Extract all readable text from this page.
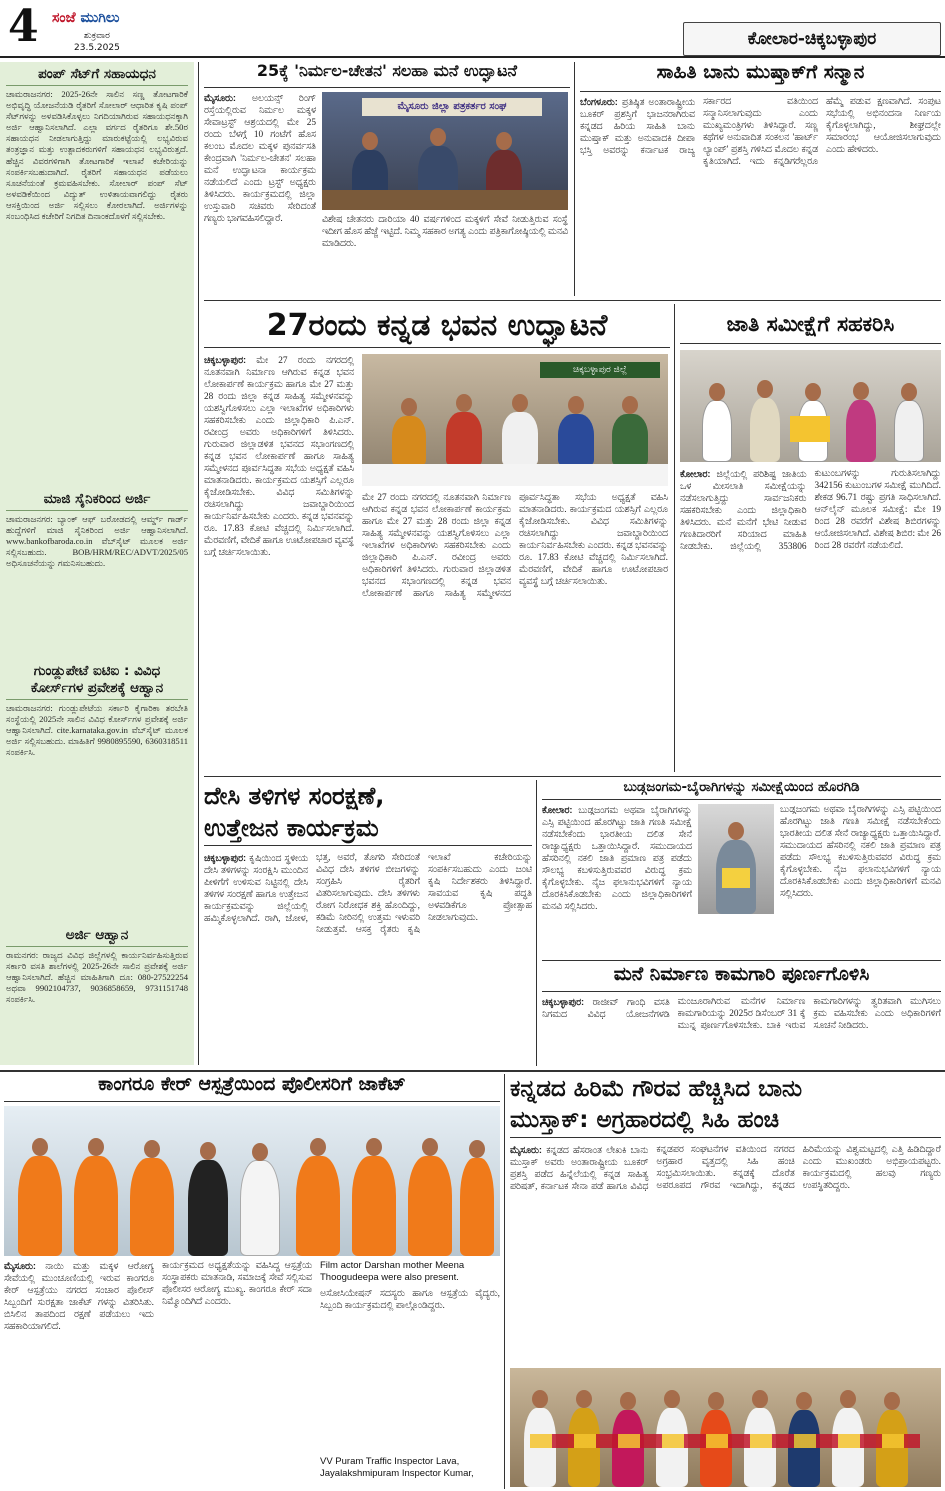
4 ಸಂಜೆ ಮುಗಿಲು
ಶುಕ್ರವಾರ
23.5.2025	ಕೋಲಾರ-ಚಿಕ್ಕಬಳ್ಳಾಪುರ
ಪಂಪ್ ಸೆಟ್‌ಗೆ ಸಹಾಯಧನ
ಚಾಮರಾಜನಗರ: 2025-26ನೇ ಸಾಲಿನ ಸಣ್ಣ ತೋಟಗಾರಿಕೆ ಅಭಿವೃದ್ಧಿ ಯೋಜನೆಯಡಿ ರೈತರಿಗೆ ಸೋಲಾರ್ ಆಧಾರಿತ ಕೃಷಿ ಪಂಪ್ ಸೆಟ್‌ಗಳನ್ನು ಅಳವಡಿಸಿಕೊಳ್ಳಲು ನಿಗದಿಯಾಗಿರುವ ಸಹಾಯಧನಕ್ಕಾಗಿ ಅರ್ಜಿ ಆಹ್ವಾನಿಸಲಾಗಿದೆ. ಎಲ್ಲಾ ವರ್ಗದ ರೈತರಿಗೂ ಶೇ.50ರ ಸಹಾಯಧನ ನೀಡಲಾಗುತ್ತಿದ್ದು ಮಾರುಕಟ್ಟೆಯಲ್ಲಿ ಲಭ್ಯವಿರುವ ತಂತ್ರಜ್ಞಾನ ಮತ್ತು ಉತ್ಪಾದಕರುಗಳಿಗೆ ಸಹಾಯಧನ ಲಭ್ಯವಿರುತ್ತದೆ. ಹೆಚ್ಚಿನ ವಿವರಗಳಿಗಾಗಿ ತೋಟಗಾರಿಕೆ ಇಲಾಖೆ ಕಚೇರಿಯನ್ನು ಸಂಪರ್ಕಿಸಬಹುದಾಗಿದೆ. ರೈತರಿಗೆ ಸಹಾಯಧನ ಪಡೆಯಲು ಸೂಚನೆಯಂತೆ ಕ್ರಮವಹಿಸಬೇಕು. ಸೋಲಾರ್ ಪಂಪ್ ಸೆಟ್ ಅಳವಡಿಕೆಯಿಂದ ವಿದ್ಯುತ್ ಉಳಿತಾಯವಾಗಲಿದ್ದು ರೈತರು ಆಸಕ್ತಿಯಿಂದ ಅರ್ಜಿ ಸಲ್ಲಿಸಲು ಕೋರಲಾಗಿದೆ. ಅರ್ಜಿಗಳನ್ನು ಸಂಬಂಧಿಸಿದ ಕಚೇರಿಗೆ ನಿಗದಿತ ದಿನಾಂಕದೊಳಗೆ ಸಲ್ಲಿಸಬೇಕು.
ಮಾಜಿ ಸೈನಿಕರಿಂದ ಅರ್ಜಿ
ಚಾಮರಾಜನಗರ: ಬ್ಯಾಂಕ್ ಆಫ್ ಬರೋಡದಲ್ಲಿ ಆರ್ಮ್ಡ್ ಗಾರ್ಡ್ ಹುದ್ದೆಗಳಿಗೆ ಮಾಜಿ ಸೈನಿಕರಿಂದ ಅರ್ಜಿ ಆಹ್ವಾನಿಸಲಾಗಿದೆ. www.bankofbaroda.co.in ವೆಬ್‌ಸೈಟ್ ಮೂಲಕ ಅರ್ಜಿ ಸಲ್ಲಿಸಬಹುದು. BOB/HRM/REC/ADVT/2025/05 ಅಧಿಸೂಚನೆಯನ್ನು ಗಮನಿಸಬಹುದು.
ಗುಂಡ್ಲುಪೇಟೆ ಐಟಿಐ : ವಿವಿಧ ಕೋರ್ಸ್‌ಗಳ ಪ್ರವೇಶಕ್ಕೆ ಆಹ್ವಾನ
ಚಾಮರಾಜನಗರ: ಗುಂಡ್ಲುಪೇಟೆಯ ಸರ್ಕಾರಿ ಕೈಗಾರಿಕಾ ತರಬೇತಿ ಸಂಸ್ಥೆಯಲ್ಲಿ 2025ನೇ ಸಾಲಿನ ವಿವಿಧ ಕೋರ್ಸ್‌ಗಳ ಪ್ರವೇಶಕ್ಕೆ ಅರ್ಜಿ ಆಹ್ವಾನಿಸಲಾಗಿದೆ. cite.karnataka.gov.in ವೆಬ್‌ಸೈಟ್ ಮೂಲಕ ಅರ್ಜಿ ಸಲ್ಲಿಸಬಹುದು. ಮಾಹಿತಿಗೆ 9980895590, 6360318511 ಸಂಪರ್ಕಿಸಿ.
ಅರ್ಜಿ ಆಹ್ವಾನ
ರಾಮನಗರ: ರಾಜ್ಯದ ವಿವಿಧ ಜಿಲ್ಲೆಗಳಲ್ಲಿ ಕಾರ್ಯನಿರ್ವಹಿಸುತ್ತಿರುವ ಸರ್ಕಾರಿ ವಸತಿ ಶಾಲೆಗಳಲ್ಲಿ 2025-26ನೇ ಸಾಲಿನ ಪ್ರವೇಶಕ್ಕೆ ಅರ್ಜಿ ಆಹ್ವಾನಿಸಲಾಗಿದೆ. ಹೆಚ್ಚಿನ ಮಾಹಿತಿಗಾಗಿ ದೂ: 080-27522254 ಅಥವಾ 9902104737, 9036858659, 9731151748 ಸಂಪರ್ಕಿಸಿ.
25ಕ್ಕೆ 'ನಿರ್ಮಲ-ಚೇತನ' ಸಲಹಾ ಮನೆ ಉದ್ಘಾಟನೆ
ಮೈಸೂರು: ಅಲಯನ್ಸ್ ರಿಂಗ್ ರಸ್ತೆಯಲ್ಲಿರುವ ನಿರ್ಮಲ ಮಕ್ಕಳ ಸೇವಾಟ್ರಸ್ಟ್ ಆಶ್ರಯದಲ್ಲಿ ಮೇ 25 ರಂದು ಬೆಳಗ್ಗೆ 10 ಗಂಟೆಗೆ ಹೊಸ ಕಲಂಬ ಮೊದಲ ಮಕ್ಕಳ ಪುನರ್ವಸತಿ ಕೇಂದ್ರವಾಗಿ 'ನಿರ್ಮಲ-ಚೇತನ' ಸಲಹಾ ಮನೆ ಉದ್ಘಾಟನಾ ಕಾರ್ಯಕ್ರಮ ನಡೆಯಲಿದೆ ಎಂದು ಟ್ರಸ್ಟ್ ಅಧ್ಯಕ್ಷರು ತಿಳಿಸಿದರು. ಕಾರ್ಯಕ್ರಮದಲ್ಲಿ ಜಿಲ್ಲಾ ಉಸ್ತುವಾರಿ ಸಚಿವರು ಸೇರಿದಂತೆ ಗಣ್ಯರು ಭಾಗವಹಿಸಲಿದ್ದಾರೆ.
ಮೈಸೂರು ಜಿಲ್ಲಾ ಪತ್ರಕರ್ತರ ಸಂಘ
ವಿಶೇಷ ಚೇತನರು ದಾರಿಯಾ 40 ವರ್ಷಗಳಿಂದ ಮಕ್ಕಳಿಗೆ ಸೇವೆ ನೀಡುತ್ತಿರುವ ಸಂಸ್ಥೆ ಇದೀಗ ಹೊಸ ಹೆಜ್ಜೆ ಇಟ್ಟಿದೆ. ನಿಮ್ಮ ಸಹಕಾರ ಅಗತ್ಯ ಎಂದು ಪತ್ರಿಕಾಗೋಷ್ಠಿಯಲ್ಲಿ ಮನವಿ ಮಾಡಿದರು.
ಸಾಹಿತಿ ಬಾನು ಮುಷ್ತಾಕ್‌ಗೆ ಸನ್ಮಾನ
ಬೆಂಗಳೂರು: ಪ್ರತಿಷ್ಠಿತ ಅಂತಾರಾಷ್ಟ್ರೀಯ ಬೂಕರ್ ಪ್ರಶಸ್ತಿಗೆ ಭಾಜನರಾಗಿರುವ ಕನ್ನಡದ ಹಿರಿಯ ಸಾಹಿತಿ ಬಾನು ಮುಷ್ತಾಕ್ ಮತ್ತು ಅನುವಾದಕಿ ದೀಪಾ ಭಸ್ತಿ ಅವರನ್ನು ಕರ್ನಾಟಕ ರಾಜ್ಯ ಸರ್ಕಾರದ ವತಿಯಿಂದ ಸನ್ಮಾನಿಸಲಾಗುವುದು ಎಂದು ಮುಖ್ಯಮಂತ್ರಿಗಳು ತಿಳಿಸಿದ್ದಾರೆ. ಸಣ್ಣ ಕಥೆಗಳ ಅನುವಾದಿತ ಸಂಕಲನ 'ಹಾರ್ಟ್ ಲ್ಯಾಂಪ್' ಪ್ರಶಸ್ತಿ ಗಳಿಸಿದ ಮೊದಲ ಕನ್ನಡ ಕೃತಿಯಾಗಿದೆ. ಇದು ಕನ್ನಡಿಗರೆಲ್ಲರೂ ಹೆಮ್ಮೆ ಪಡುವ ಕ್ಷಣವಾಗಿದೆ. ಸಂಪುಟ ಸಭೆಯಲ್ಲಿ ಅಭಿನಂದನಾ ನಿರ್ಣಯ ಕೈಗೊಳ್ಳಲಾಗಿದ್ದು, ಶೀಘ್ರದಲ್ಲೇ ಸಮಾರಂಭ ಆಯೋಜಿಸಲಾಗುವುದು ಎಂದು ಹೇಳಿದರು.
27ರಂದು ಕನ್ನಡ ಭವನ ಉದ್ಘಾಟನೆ
ಚಿಕ್ಕಬಳ್ಳಾಪುರ: ಮೇ 27 ರಂದು ನಗರದಲ್ಲಿ ನೂತನವಾಗಿ ನಿರ್ಮಾಣ ಆಗಿರುವ ಕನ್ನಡ ಭವನ ಲೋಕಾರ್ಪಣೆ ಕಾರ್ಯಕ್ರಮ ಹಾಗೂ ಮೇ 27 ಮತ್ತು 28 ರಂದು ಜಿಲ್ಲಾ ಕನ್ನಡ ಸಾಹಿತ್ಯ ಸಮ್ಮೇಳನವನ್ನು ಯಶಸ್ವಿಗೊಳಿಸಲು ಎಲ್ಲಾ ಇಲಾಖೆಗಳ ಅಧಿಕಾರಿಗಳು ಸಹಕರಿಸಬೇಕು ಎಂದು ಜಿಲ್ಲಾಧಿಕಾರಿ ಪಿ.ಎನ್. ರವೀಂದ್ರ ಅವರು ಅಧಿಕಾರಿಗಳಿಗೆ ತಿಳಿಸಿದರು. ಗುರುವಾರ ಜಿಲ್ಲಾಡಳಿತ ಭವನದ ಸಭಾಂಗಣದಲ್ಲಿ ಕನ್ನಡ ಭವನ ಲೋಕಾರ್ಪಣೆ ಹಾಗೂ ಸಾಹಿತ್ಯ ಸಮ್ಮೇಳನದ ಪೂರ್ವಸಿದ್ಧತಾ ಸಭೆಯ ಅಧ್ಯಕ್ಷತೆ ವಹಿಸಿ ಮಾತನಾಡಿದರು. ಕಾರ್ಯಕ್ರಮದ ಯಶಸ್ಸಿಗೆ ಎಲ್ಲರೂ ಕೈಜೋಡಿಸಬೇಕು. ವಿವಿಧ ಸಮಿತಿಗಳನ್ನು ರಚಿಸಲಾಗಿದ್ದು ಜವಾಬ್ದಾರಿಯಿಂದ ಕಾರ್ಯನಿರ್ವಹಿಸಬೇಕು ಎಂದರು. ಕನ್ನಡ ಭವನವನ್ನು ರೂ. 17.83 ಕೋಟಿ ವೆಚ್ಚದಲ್ಲಿ ನಿರ್ಮಿಸಲಾಗಿದೆ. ಮೆರವಣಿಗೆ, ವೇದಿಕೆ ಹಾಗೂ ಊಟೋಪಚಾರ ವ್ಯವಸ್ಥೆ ಬಗ್ಗೆ ಚರ್ಚಿಸಲಾಯಿತು.
ಚಿಕ್ಕಬಳ್ಳಾಪುರ ಜಿಲ್ಲೆ
ಮೇ 27 ರಂದು ನಗರದಲ್ಲಿ ನೂತನವಾಗಿ ನಿರ್ಮಾಣ ಆಗಿರುವ ಕನ್ನಡ ಭವನ ಲೋಕಾರ್ಪಣೆ ಕಾರ್ಯಕ್ರಮ ಹಾಗೂ ಮೇ 27 ಮತ್ತು 28 ರಂದು ಜಿಲ್ಲಾ ಕನ್ನಡ ಸಾಹಿತ್ಯ ಸಮ್ಮೇಳನವನ್ನು ಯಶಸ್ವಿಗೊಳಿಸಲು ಎಲ್ಲಾ ಇಲಾಖೆಗಳ ಅಧಿಕಾರಿಗಳು ಸಹಕರಿಸಬೇಕು ಎಂದು ಜಿಲ್ಲಾಧಿಕಾರಿ ಪಿ.ಎನ್. ರವೀಂದ್ರ ಅವರು ಅಧಿಕಾರಿಗಳಿಗೆ ತಿಳಿಸಿದರು. ಗುರುವಾರ ಜಿಲ್ಲಾಡಳಿತ ಭವನದ ಸಭಾಂಗಣದಲ್ಲಿ ಕನ್ನಡ ಭವನ ಲೋಕಾರ್ಪಣೆ ಹಾಗೂ ಸಾಹಿತ್ಯ ಸಮ್ಮೇಳನದ ಪೂರ್ವಸಿದ್ಧತಾ ಸಭೆಯ ಅಧ್ಯಕ್ಷತೆ ವಹಿಸಿ ಮಾತನಾಡಿದರು. ಕಾರ್ಯಕ್ರಮದ ಯಶಸ್ಸಿಗೆ ಎಲ್ಲರೂ ಕೈಜೋಡಿಸಬೇಕು. ವಿವಿಧ ಸಮಿತಿಗಳನ್ನು ರಚಿಸಲಾಗಿದ್ದು ಜವಾಬ್ದಾರಿಯಿಂದ ಕಾರ್ಯನಿರ್ವಹಿಸಬೇಕು ಎಂದರು. ಕನ್ನಡ ಭವನವನ್ನು ರೂ. 17.83 ಕೋಟಿ ವೆಚ್ಚದಲ್ಲಿ ನಿರ್ಮಿಸಲಾಗಿದೆ. ಮೆರವಣಿಗೆ, ವೇದಿಕೆ ಹಾಗೂ ಊಟೋಪಚಾರ ವ್ಯವಸ್ಥೆ ಬಗ್ಗೆ ಚರ್ಚಿಸಲಾಯಿತು.
ಜಾತಿ ಸಮೀಕ್ಷೆಗೆ ಸಹಕರಿಸಿ
ಕೋಲಾರ: ಜಿಲ್ಲೆಯಲ್ಲಿ ಪರಿಶಿಷ್ಟ ಜಾತಿಯ ಒಳ ಮೀಸಲಾತಿ ಸಮೀಕ್ಷೆಯನ್ನು ನಡೆಸಲಾಗುತ್ತಿದ್ದು ಸಾರ್ವಜನಿಕರು ಸಹಕರಿಸಬೇಕು ಎಂದು ಜಿಲ್ಲಾಧಿಕಾರಿ ತಿಳಿಸಿದರು. ಮನೆ ಮನೆಗೆ ಭೇಟಿ ನೀಡುವ ಗಣತಿದಾರರಿಗೆ ಸರಿಯಾದ ಮಾಹಿತಿ ನೀಡಬೇಕು. ಜಿಲ್ಲೆಯಲ್ಲಿ 353806 ಕುಟುಂಬಗಳನ್ನು ಗುರುತಿಸಲಾಗಿದ್ದು 342156 ಕುಟುಂಬಗಳ ಸಮೀಕ್ಷೆ ಮುಗಿದಿದೆ. ಶೇಕಡ 96.71 ರಷ್ಟು ಪ್ರಗತಿ ಸಾಧಿಸಲಾಗಿದೆ. ಆನ್‌ಲೈನ್ ಮೂಲಕ ಸಮೀಕ್ಷೆ: ಮೇ 19 ರಿಂದ 28 ರವರೆಗೆ ವಿಶೇಷ ಶಿಬಿರಗಳನ್ನು ಆಯೋಜಿಸಲಾಗಿದೆ. ವಿಶೇಷ ಶಿಬಿರ: ಮೇ 26 ರಿಂದ 28 ರವರೆಗೆ ನಡೆಯಲಿದೆ.
ದೇಸಿ ತಳಿಗಳ ಸಂರಕ್ಷಣೆ,
ಉತ್ತೇಜನ ಕಾರ್ಯಕ್ರಮ
ಚಿಕ್ಕಬಳ್ಳಾಪುರ: ಕೃಷಿಯಿಂದ ಸ್ಥಳೀಯ ದೇಸಿ ತಳಿಗಳನ್ನು ಸಂರಕ್ಷಿಸಿ ಮುಂದಿನ ಪೀಳಿಗೆಗೆ ಉಳಿಸುವ ನಿಟ್ಟಿನಲ್ಲಿ ದೇಸಿ ತಳಿಗಳ ಸಂರಕ್ಷಣೆ ಹಾಗೂ ಉತ್ತೇಜನ ಕಾರ್ಯಕ್ರಮವನ್ನು ಜಿಲ್ಲೆಯಲ್ಲಿ ಹಮ್ಮಿಕೊಳ್ಳಲಾಗಿದೆ. ರಾಗಿ, ಜೋಳ, ಭತ್ತ, ಅವರೆ, ತೊಗರಿ ಸೇರಿದಂತೆ ವಿವಿಧ ದೇಸಿ ತಳಿಗಳ ಬೀಜಗಳನ್ನು ಸಂಗ್ರಹಿಸಿ ರೈತರಿಗೆ ವಿತರಿಸಲಾಗುವುದು. ದೇಸಿ ತಳಿಗಳು ರೋಗ ನಿರೋಧಕ ಶಕ್ತಿ ಹೊಂದಿದ್ದು, ಕಡಿಮೆ ನೀರಿನಲ್ಲಿ ಉತ್ತಮ ಇಳುವರಿ ನೀಡುತ್ತವೆ. ಆಸಕ್ತ ರೈತರು ಕೃಷಿ ಇಲಾಖೆ ಕಚೇರಿಯನ್ನು ಸಂಪರ್ಕಿಸಬಹುದು ಎಂದು ಜಂಟಿ ಕೃಷಿ ನಿರ್ದೇಶಕರು ತಿಳಿಸಿದ್ದಾರೆ. ಸಾವಯವ ಕೃಷಿ ಪದ್ಧತಿ ಅಳವಡಿಕೆಗೂ ಪ್ರೋತ್ಸಾಹ ನೀಡಲಾಗುವುದು.
ಬುಡ್ಗಜಂಗಮ-ಬೈರಾಗಿಗಳನ್ನು ಸಮೀಕ್ಷೆಯಿಂದ ಹೊರಗಿಡಿ
ಕೋಲಾರ: ಬುಡ್ಗಜಂಗಮ ಅಥವಾ ಬೈರಾಗಿಗಳನ್ನು ಎಸ್ಸಿ ಪಟ್ಟಿಯಿಂದ ಹೊರಗಿಟ್ಟು ಜಾತಿ ಗಣತಿ ಸಮೀಕ್ಷೆ ನಡೆಸಬೇಕೆಂದು ಭಾರತೀಯ ದಲಿತ ಸೇನೆ ರಾಜ್ಯಾಧ್ಯಕ್ಷರು ಒತ್ತಾಯಿಸಿದ್ದಾರೆ. ಸಮುದಾಯದ ಹೆಸರಿನಲ್ಲಿ ನಕಲಿ ಜಾತಿ ಪ್ರಮಾಣ ಪತ್ರ ಪಡೆದು ಸೌಲಭ್ಯ ಕಬಳಿಸುತ್ತಿರುವವರ ವಿರುದ್ಧ ಕ್ರಮ ಕೈಗೊಳ್ಳಬೇಕು. ನೈಜ ಫಲಾನುಭವಿಗಳಿಗೆ ನ್ಯಾಯ ದೊರಕಿಸಿಕೊಡಬೇಕು ಎಂದು ಜಿಲ್ಲಾಧಿಕಾರಿಗಳಿಗೆ ಮನವಿ ಸಲ್ಲಿಸಿದರು.
ಬುಡ್ಗಜಂಗಮ ಅಥವಾ ಬೈರಾಗಿಗಳನ್ನು ಎಸ್ಸಿ ಪಟ್ಟಿಯಿಂದ ಹೊರಗಿಟ್ಟು ಜಾತಿ ಗಣತಿ ಸಮೀಕ್ಷೆ ನಡೆಸಬೇಕೆಂದು ಭಾರತೀಯ ದಲಿತ ಸೇನೆ ರಾಜ್ಯಾಧ್ಯಕ್ಷರು ಒತ್ತಾಯಿಸಿದ್ದಾರೆ. ಸಮುದಾಯದ ಹೆಸರಿನಲ್ಲಿ ನಕಲಿ ಜಾತಿ ಪ್ರಮಾಣ ಪತ್ರ ಪಡೆದು ಸೌಲಭ್ಯ ಕಬಳಿಸುತ್ತಿರುವವರ ವಿರುದ್ಧ ಕ್ರಮ ಕೈಗೊಳ್ಳಬೇಕು. ನೈಜ ಫಲಾನುಭವಿಗಳಿಗೆ ನ್ಯಾಯ ದೊರಕಿಸಿಕೊಡಬೇಕು ಎಂದು ಜಿಲ್ಲಾಧಿಕಾರಿಗಳಿಗೆ ಮನವಿ ಸಲ್ಲಿಸಿದರು.
ಮನೆ ನಿರ್ಮಾಣ ಕಾಮಗಾರಿ ಪೂರ್ಣಗೊಳಿಸಿ
ಚಿಕ್ಕಬಳ್ಳಾಪುರ: ರಾಜೀವ್ ಗಾಂಧಿ ವಸತಿ ನಿಗಮದ ವಿವಿಧ ಯೋಜನೆಗಳಡಿ ಮಂಜೂರಾಗಿರುವ ಮನೆಗಳ ನಿರ್ಮಾಣ ಕಾಮಗಾರಿಯನ್ನು 2025ರ ಡಿಸೆಂಬರ್ 31 ಕ್ಕೆ ಮುನ್ನ ಪೂರ್ಣಗೊಳಿಸಬೇಕು. ಬಾಕಿ ಇರುವ ಕಾಮಗಾರಿಗಳನ್ನು ತ್ವರಿತವಾಗಿ ಮುಗಿಸಲು ಕ್ರಮ ವಹಿಸಬೇಕು ಎಂದು ಅಧಿಕಾರಿಗಳಿಗೆ ಸೂಚನೆ ನೀಡಿದರು.
ಕಾಂಗರೂ ಕೇರ್ ಆಸ್ಪತ್ರೆಯಿಂದ ಪೊಲೀಸರಿಗೆ ಜಾಕೆಟ್
ಮೈಸೂರು: ನಾಯಿ ಮತ್ತು ಮಕ್ಕಳ ಆರೋಗ್ಯ ಸೇವೆಯಲ್ಲಿ ಮುಂಚೂಣಿಯಲ್ಲಿ ಇರುವ ಕಾಂಗರೂ ಕೇರ್ ಆಸ್ಪತ್ರೆಯು ನಗರದ ಸಂಚಾರ ಪೊಲೀಸ್ ಸಿಬ್ಬಂದಿಗೆ ಸುರಕ್ಷತಾ ಜಾಕೆಟ್ ಗಳನ್ನು ವಿತರಿಸಿತು. ಬಿಸಿಲಿನ ತಾಪದಿಂದ ರಕ್ಷಣೆ ಪಡೆಯಲು ಇದು ಸಹಕಾರಿಯಾಗಲಿದೆ.
ಕಾರ್ಯಕ್ರಮದ ಅಧ್ಯಕ್ಷತೆಯನ್ನು ವಹಿಸಿದ್ದ ಆಸ್ಪತ್ರೆಯ ಸಂಸ್ಥಾಪಕರು ಮಾತನಾಡಿ, ಸಮಾಜಕ್ಕೆ ಸೇವೆ ಸಲ್ಲಿಸುವ ಪೊಲೀಸರ ಆರೋಗ್ಯ ಮುಖ್ಯ. ಕಾಂಗರೂ ಕೇರ್ ಸದಾ ನಿಮ್ಮೊಂದಿಗಿದೆ ಎಂದರು.
Film actor Darshan mother Meena Thoogudeepa were also present.
ಅಸೋಸಿಯೇಷನ್ ಸದಸ್ಯರು ಹಾಗೂ ಆಸ್ಪತ್ರೆಯ ವೈದ್ಯರು, ಸಿಬ್ಬಂದಿ ಕಾರ್ಯಕ್ರಮದಲ್ಲಿ ಪಾಲ್ಗೊಂಡಿದ್ದರು.
VV Puram Traffic Inspector Lava, Jayalakshmipuram Inspector Kumar,
ಕನ್ನಡದ ಹಿರಿಮೆ ಗೌರವ ಹೆಚ್ಚಿಸಿದ ಬಾನು
ಮುಸ್ತಾಕ್: ಅಗ್ರಹಾರದಲ್ಲಿ ಸಿಹಿ ಹಂಚಿ
ಮೈಸೂರು: ಕನ್ನಡದ ಹೆಸರಾಂತ ಲೇಖಕಿ ಬಾನು ಮುಸ್ತಾಕ್ ಅವರು ಅಂತಾರಾಷ್ಟ್ರೀಯ ಬೂಕರ್ ಪ್ರಶಸ್ತಿ ಪಡೆದ ಹಿನ್ನೆಲೆಯಲ್ಲಿ ಕನ್ನಡ ಸಾಹಿತ್ಯ ಪರಿಷತ್, ಕರ್ನಾಟಕ ಸೇನಾ ಪಡೆ ಹಾಗೂ ವಿವಿಧ ಕನ್ನಡಪರ ಸಂಘಟನೆಗಳ ವತಿಯಿಂದ ನಗರದ ಅಗ್ರಹಾರ ವೃತ್ತದಲ್ಲಿ ಸಿಹಿ ಹಂಚಿ ಸಂಭ್ರಮಿಸಲಾಯಿತು. ಕನ್ನಡಕ್ಕೆ ದೊರೆತ ಅಪರೂಪದ ಗೌರವ ಇದಾಗಿದ್ದು, ಕನ್ನಡದ ಹಿರಿಮೆಯನ್ನು ವಿಶ್ವಮಟ್ಟದಲ್ಲಿ ಎತ್ತಿ ಹಿಡಿದಿದ್ದಾರೆ ಎಂದು ಮುಖಂಡರು ಅಭಿಪ್ರಾಯಪಟ್ಟರು. ಕಾರ್ಯಕ್ರಮದಲ್ಲಿ ಹಲವು ಗಣ್ಯರು ಉಪಸ್ಥಿತರಿದ್ದರು.
